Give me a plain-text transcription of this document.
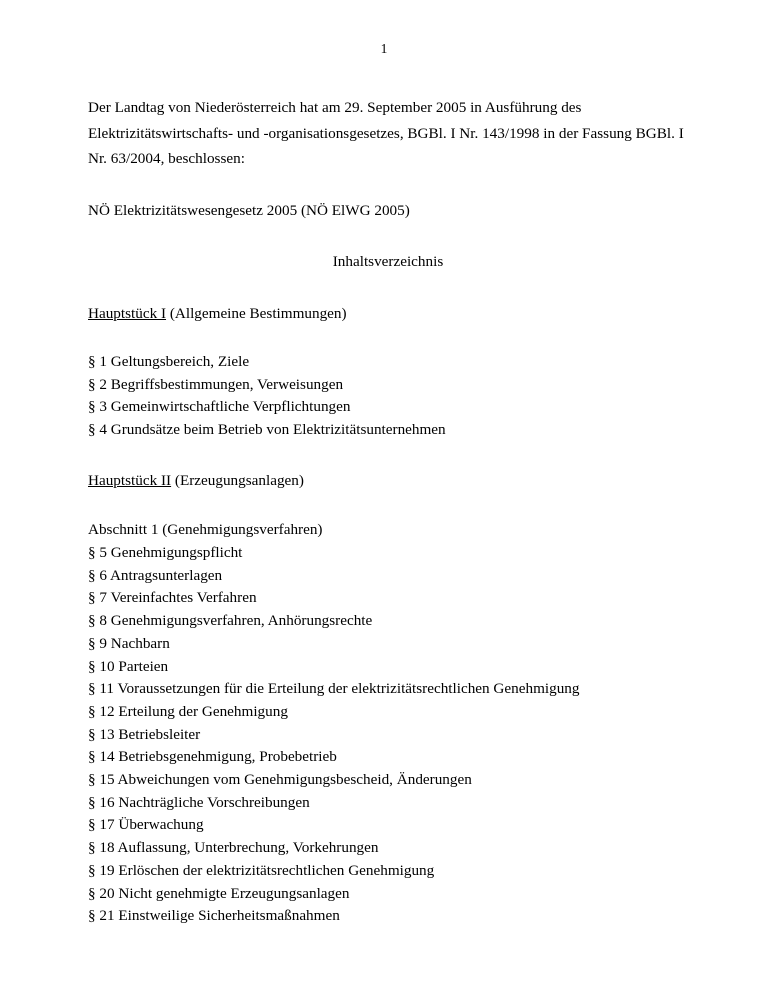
1

Der Landtag von Niederösterreich hat am 29. September 2005 in Ausführung des Elektrizitätswirtschafts- und -organisationsgesetzes, BGBl. I Nr. 143/1998 in der Fassung BGBl. I Nr. 63/2004, beschlossen:

NÖ Elektrizitätswesengesetz 2005 (NÖ ElWG 2005)
Inhaltsverzeichnis
Hauptstück I (Allgemeine Bestimmungen)
§ 1 Geltungsbereich, Ziele
§ 2 Begriffsbestimmungen, Verweisungen
§ 3 Gemeinwirtschaftliche Verpflichtungen
§ 4 Grundsätze beim Betrieb von Elektrizitätsunternehmen
Hauptstück II (Erzeugungsanlagen)
Abschnitt 1 (Genehmigungsverfahren)
§ 5 Genehmigungspflicht
§ 6 Antragsunterlagen
§ 7 Vereinfachtes Verfahren
§ 8 Genehmigungsverfahren, Anhörungsrechte
§ 9 Nachbarn
§ 10 Parteien
§ 11 Voraussetzungen für die Erteilung der elektrizitätsrechtlichen Genehmigung
§ 12 Erteilung der Genehmigung
§ 13 Betriebsleiter
§ 14 Betriebsgenehmigung, Probebetrieb
§ 15 Abweichungen vom Genehmigungsbescheid, Änderungen
§ 16 Nachträgliche Vorschreibungen
§ 17 Überwachung
§ 18 Auflassung, Unterbrechung, Vorkehrungen
§ 19 Erlöschen der elektrizitätsrechtlichen Genehmigung
§ 20 Nicht genehmigte Erzeugungsanlagen
§ 21 Einstweilige Sicherheitsmaßnahmen
